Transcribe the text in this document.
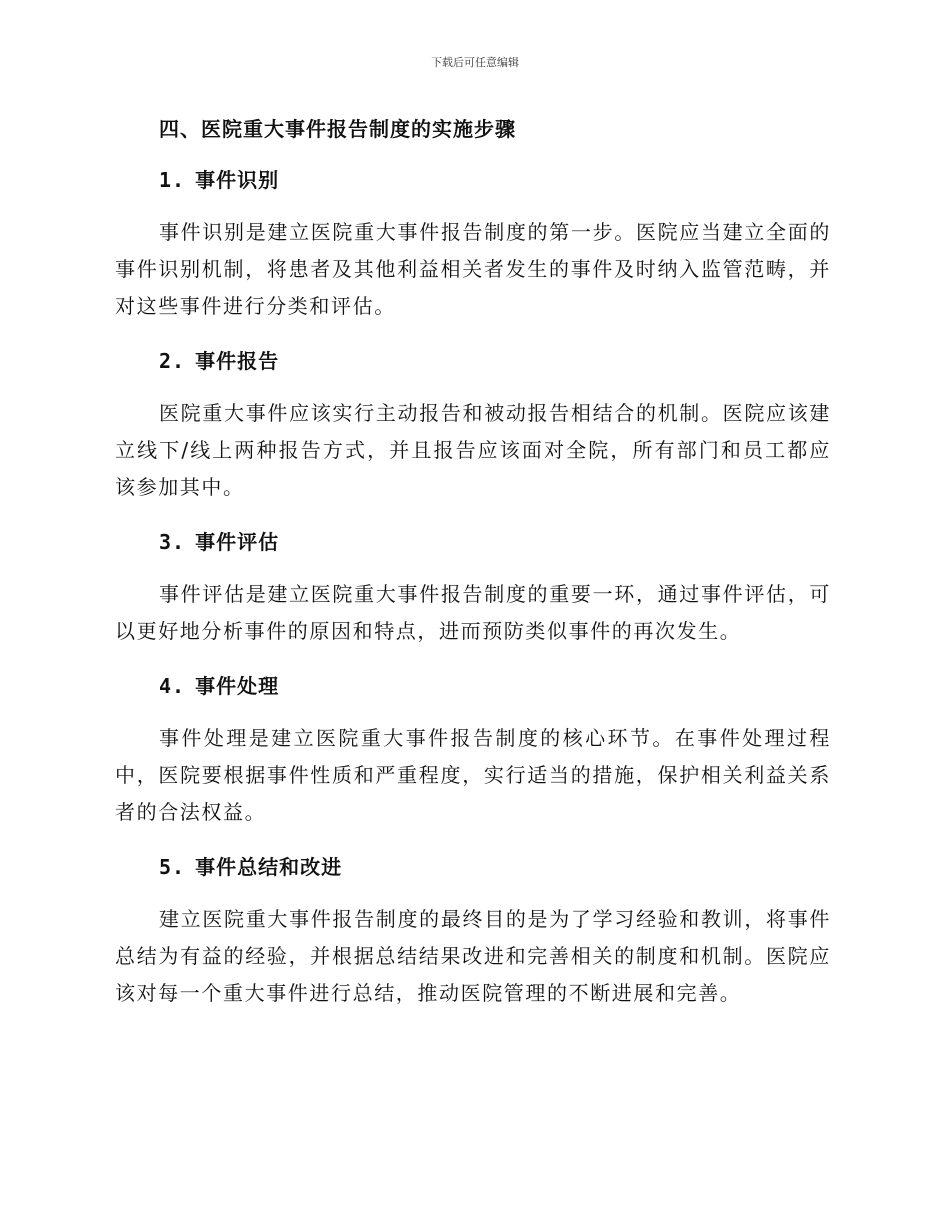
下载后可任意编辑
四、医院重大事件报告制度的实施步骤
1. 事件识别

事件识别是建立医院重大事件报告制度的第一步。医院应当建立全面的事件识别机制，将患者及其他利益相关者发生的事件及时纳入监管范畴，并对这些事件进行分类和评估。

2. 事件报告

医院重大事件应该实行主动报告和被动报告相结合的机制。医院应该建立线下/线上两种报告方式，并且报告应该面对全院，所有部门和员工都应该参加其中。

3. 事件评估

事件评估是建立医院重大事件报告制度的重要一环，通过事件评估，可以更好地分析事件的原因和特点，进而预防类似事件的再次发生。

4. 事件处理

事件处理是建立医院重大事件报告制度的核心环节。在事件处理过程中，医院要根据事件性质和严重程度，实行适当的措施，保护相关利益关系者的合法权益。

5. 事件总结和改进

建立医院重大事件报告制度的最终目的是为了学习经验和教训，将事件总结为有益的经验，并根据总结结果改进和完善相关的制度和机制。医院应该对每一个重大事件进行总结，推动医院管理的不断进展和完善。
